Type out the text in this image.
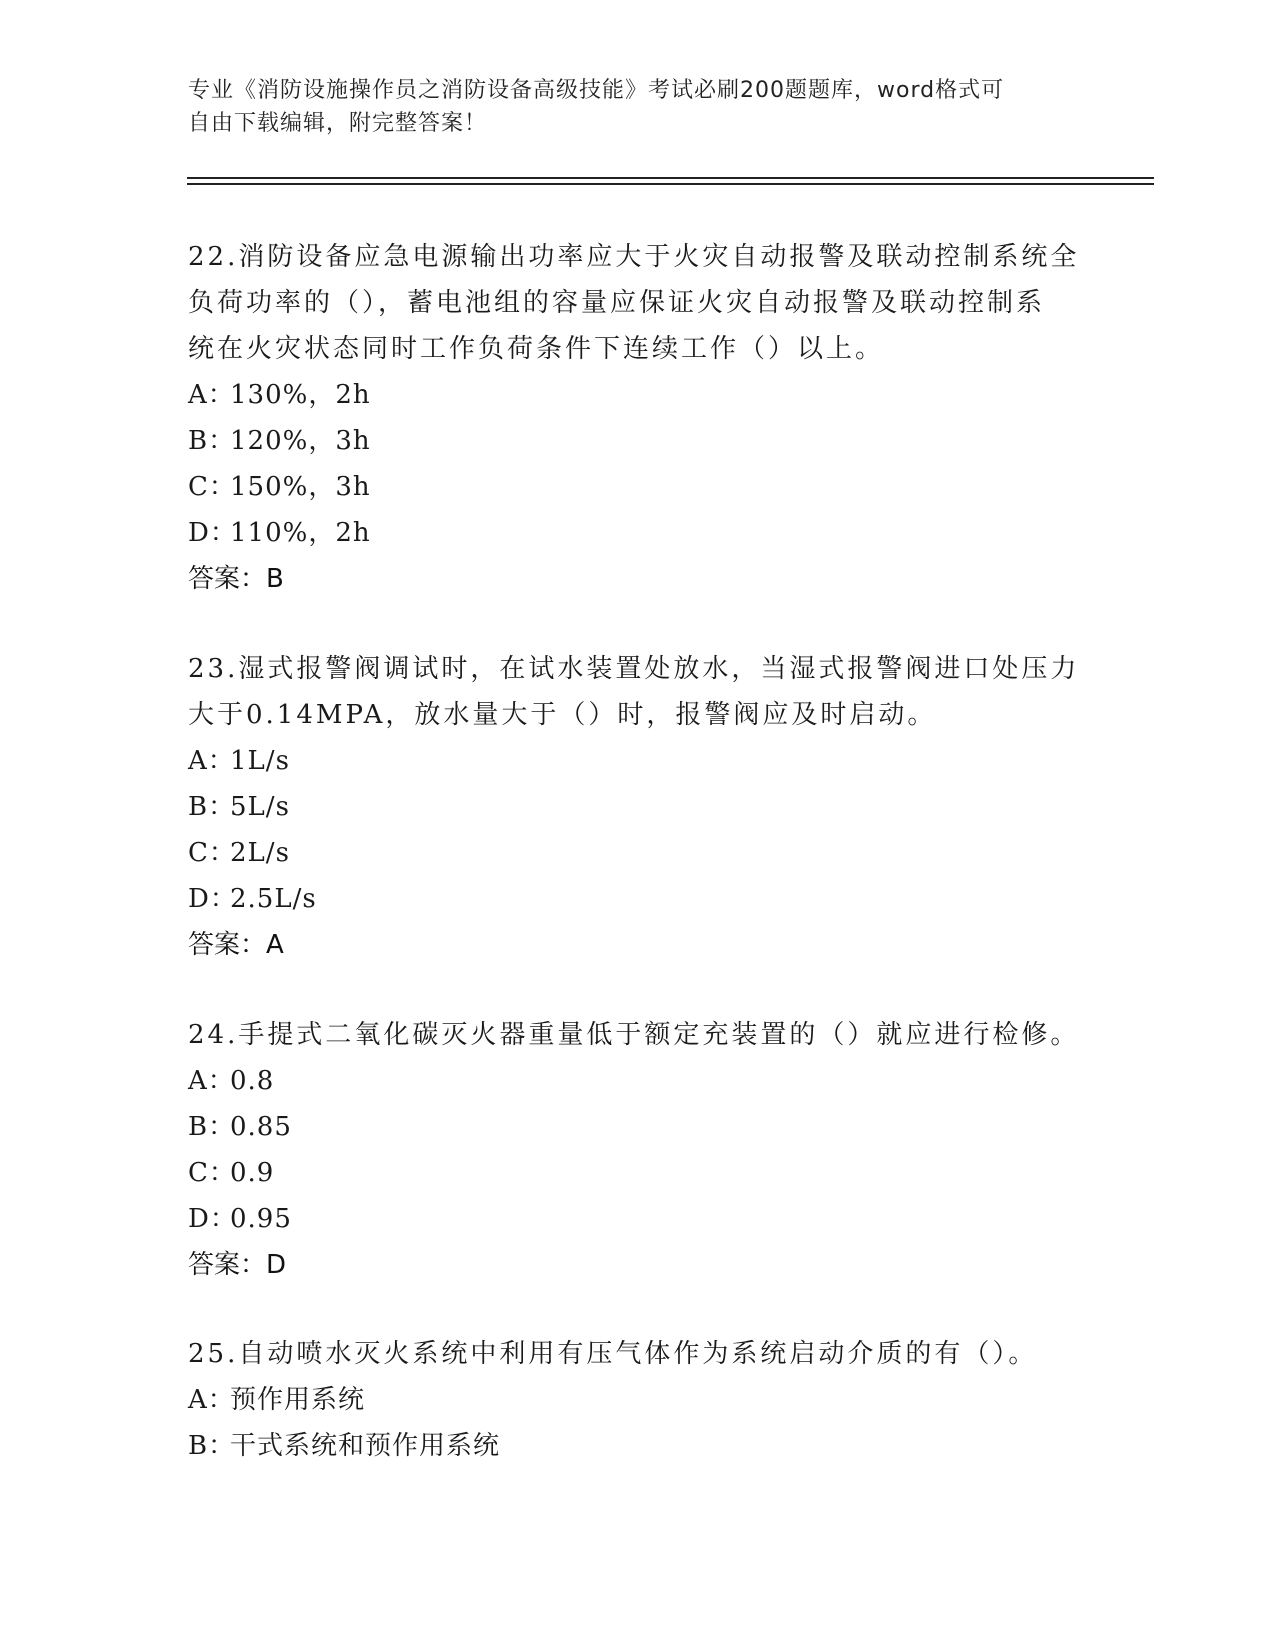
专业《消防设施操作员之消防设备高级技能》考试必刷200题题库，word格式可

自由下载编辑，附完整答案！

22.消防设备应急电源输出功率应大于火灾自动报警及联动控制系统全
负荷功率的（），蓄电池组的容量应保证火灾自动报警及联动控制系
统在火灾状态同时工作负荷条件下连续工作（）以上。
A：130%，2h
B：120%，3h
C：150%，3h
D：110%，2h
答案：B
23.湿式报警阀调试时，在试水装置处放水，当湿式报警阀进口处压力
大于0.14MPA，放水量大于（）时，报警阀应及时启动。
A：1L/s
B：5L/s
C：2L/s
D：2.5L/s
答案：A
24.手提式二氧化碳灭火器重量低于额定充装置的（）就应进行检修。
A：0.8
B：0.85
C：0.9
D：0.95
答案：D
25.自动喷水灭火系统中利用有压气体作为系统启动介质的有（）。
A：预作用系统
B：干式系统和预作用系统
